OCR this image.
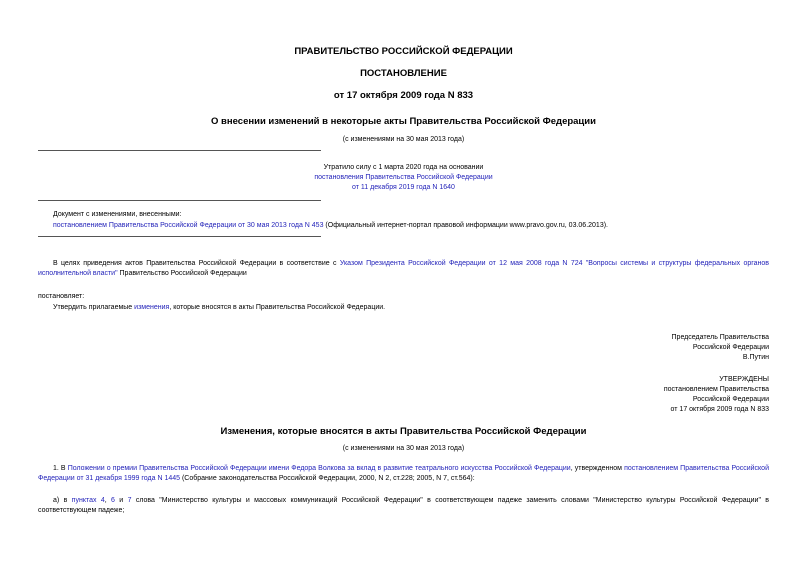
ПРАВИТЕЛЬСТВО РОССИЙСКОЙ ФЕДЕРАЦИИ
ПОСТАНОВЛЕНИЕ
от 17 октября 2009 года N 833
О внесении изменений в некоторые акты Правительства Российской Федерации
(с изменениями на 30 мая 2013 года)
Утратило силу с 1 марта 2020 года на основании
постановления Правительства Российской Федерации
от 11 декабря 2019 года N 1640
Документ с изменениями, внесенными:
постановлением Правительства Российской Федерации от 30 мая 2013 года N 453 (Официальный интернет-портал правовой информации www.pravo.gov.ru, 03.06.2013).
В целях приведения актов Правительства Российской Федерации в соответствие с Указом Президента Российской Федерации от 12 мая 2008 года N 724 "Вопросы системы и структуры федеральных органов исполнительной власти" Правительство Российской Федерации
постановляет:
Утвердить прилагаемые изменения, которые вносятся в акты Правительства Российской Федерации.
Председатель Правительства
Российской Федерации
В.Путин
УТВЕРЖДЕНЫ
постановлением Правительства
Российской Федерации
от 17 октября 2009 года N 833
Изменения, которые вносятся в акты Правительства Российской Федерации
(с изменениями на 30 мая 2013 года)
1. В Положении о премии Правительства Российской Федерации имени Федора Волкова за вклад в развитие театрального искусства Российской Федерации, утвержденном постановлением Правительства Российской Федерации от 31 декабря 1999 года N 1445 (Собрание законодательства Российской Федерации, 2000, N 2, ст.228; 2005, N 7, ст.564):
а) в пунктах 4, 6 и 7 слова "Министерство культуры и массовых коммуникаций Российской Федерации" в соответствующем падеже заменить словами "Министерство культуры Российской Федерации" в соответствующем падеже;
